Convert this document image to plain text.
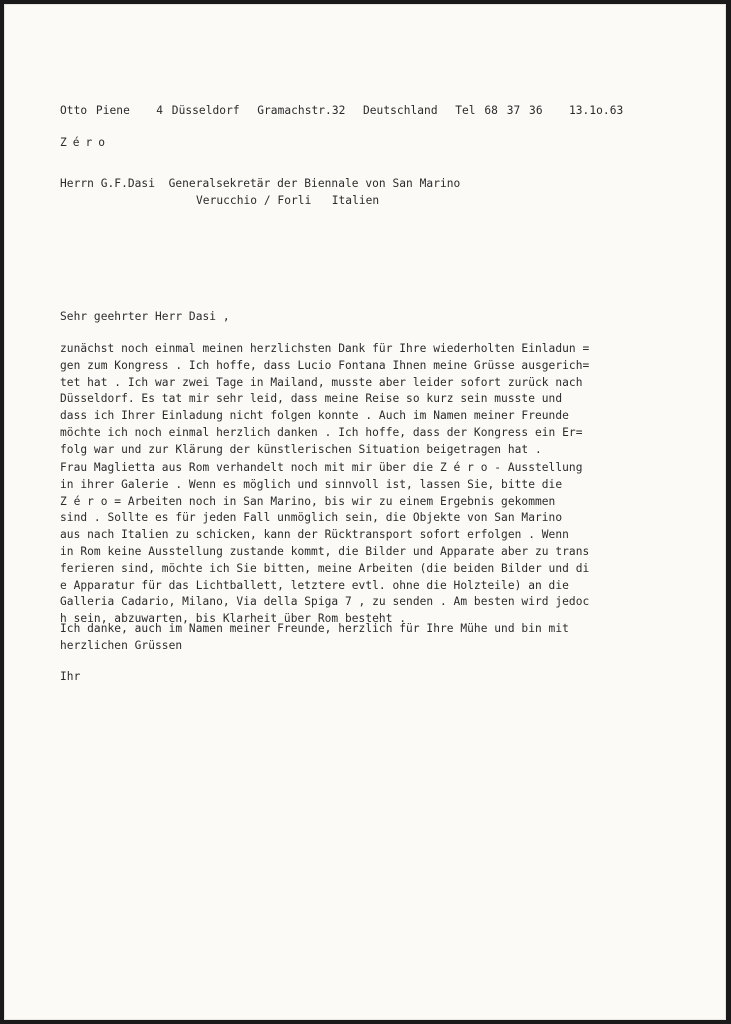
Otto Piene   4 Düsseldorf  Gramachstr.32  Deutschland  Tel 68 37 36   13.1o.63
Zéro
Herrn G.F.Dasi  Generalsekretär der Biennale von San Marino
Verucchio / Forli   Italien
Sehr geehrter Herr Dasi ,
zunächst noch einmal meinen herzlichsten Dank für Ihre wiederholten Einladun =
gen zum Kongress . Ich hoffe, dass Lucio Fontana Ihnen meine Grüsse ausgerich=
tet hat . Ich war zwei Tage in Mailand, musste aber leider sofort zurück nach
Düsseldorf. Es tat mir sehr leid, dass meine Reise so kurz sein musste und
dass ich Ihrer Einladung nicht folgen konnte . Auch im Namen meiner Freunde
möchte ich noch einmal herzlich danken . Ich hoffe, dass der Kongress ein Er=
folg war und zur Klärung der künstlerischen Situation beigetragen hat .
Frau Maglietta aus Rom verhandelt noch mit mir über die Z é r o - Ausstellung
in ihrer Galerie . Wenn es möglich und sinnvoll ist, lassen Sie, bitte die
Z é r o = Arbeiten noch in San Marino, bis wir zu einem Ergebnis gekommen
sind . Sollte es für jeden Fall unmöglich sein, die Objekte von San Marino
aus nach Italien zu schicken, kann der Rücktransport sofort erfolgen . Wenn
in Rom keine Ausstellung zustande kommt, die Bilder und Apparate aber zu trans
ferieren sind, möchte ich Sie bitten, meine Arbeiten (die beiden Bilder und di
e Apparatur für das Lichtballett, letztere evtl. ohne die Holzteile) an die
Galleria Cadario, Milano, Via della Spiga 7 , zu senden . Am besten wird jedoc
h sein, abzuwarten, bis Klarheit über Rom besteht .
Ich danke, auch im Namen meiner Freunde, herzlich für Ihre Mühe und bin mit
herzlichen Grüssen
Ihr
